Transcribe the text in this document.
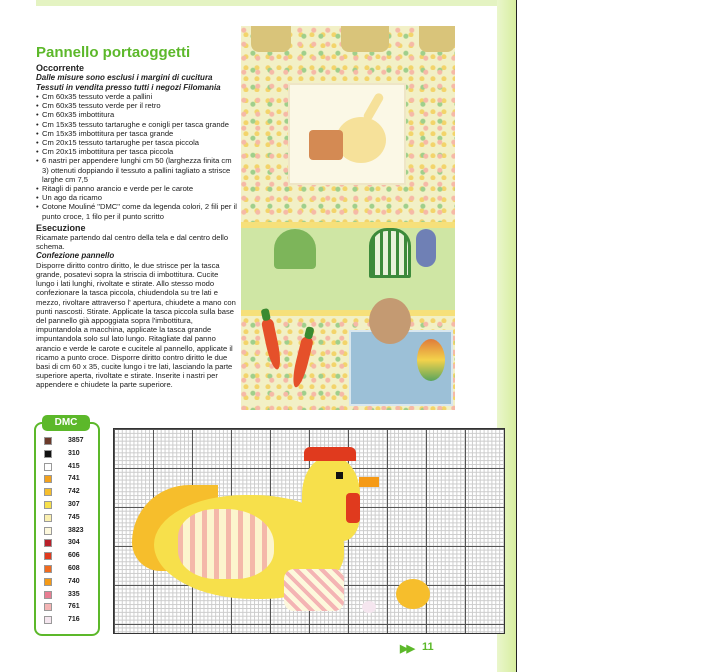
Pannello portaoggetti
Occorrente
Dalle misure sono esclusi i margini di cucitura
Tessuti in vendita presso tutti i negozi Filomania
• Cm 60x35 tessuto verde a pallini
• Cm 60x35 tessuto verde per il retro
• Cm 60x35 imbottitura
• Cm 15x35 tessuto tartarughe e conigli per tasca grande
• Cm 15x35 imbottitura per tasca grande
• Cm 20x15 tessuto tartarughe per tasca piccola
• Cm 20x15 imbottitura per tasca piccola
• 6 nastri per appendere lunghi cm 50 (larghezza finita cm 3) ottenuti doppiando il tessuto a pallini tagliato a strisce larghe cm 7,5
• Ritagli di panno arancio e verde per le carote
• Un ago da ricamo
• Cotone Mouliné "DMC" come da legenda colori, 2 fili per il punto croce, 1 filo per il punto scritto
Esecuzione

Ricamate partendo dal centro della tela e dal centro dello schema.

Confezione pannello

Disporre diritto contro diritto, le due strisce per la tasca grande, posatevi sopra la striscia di imbottitura. Cucite lungo i lati lunghi, rivoltate e stirate. Allo stesso modo confezionare la tasca piccola, chiudendola su tre lati e mezzo, rivoltare attraverso l' apertura, chiudete a mano con punti nascosti. Stirate. Applicate la tasca piccola sulla base del pannello già appoggiata sopra l'imbottitura, impuntandola a macchina, applicate la tasca grande impuntandola solo sul lato lungo. Ritagliate dal panno arancio e verde le carote e cucitele al pannello, applicate il ricamo a punto croce. Disporre diritto contro diritto le due basi di cm 60 x 35, cucite lungo i tre lati, lasciando la parte superiore aperta, rivoltate e stirate. Inserite i nastri per appendere e chiudete la parte superiore.

DMC
3857
310
415
741
742
307
745
3823
304
606
608
740
335
761
716
▶▶ 11
